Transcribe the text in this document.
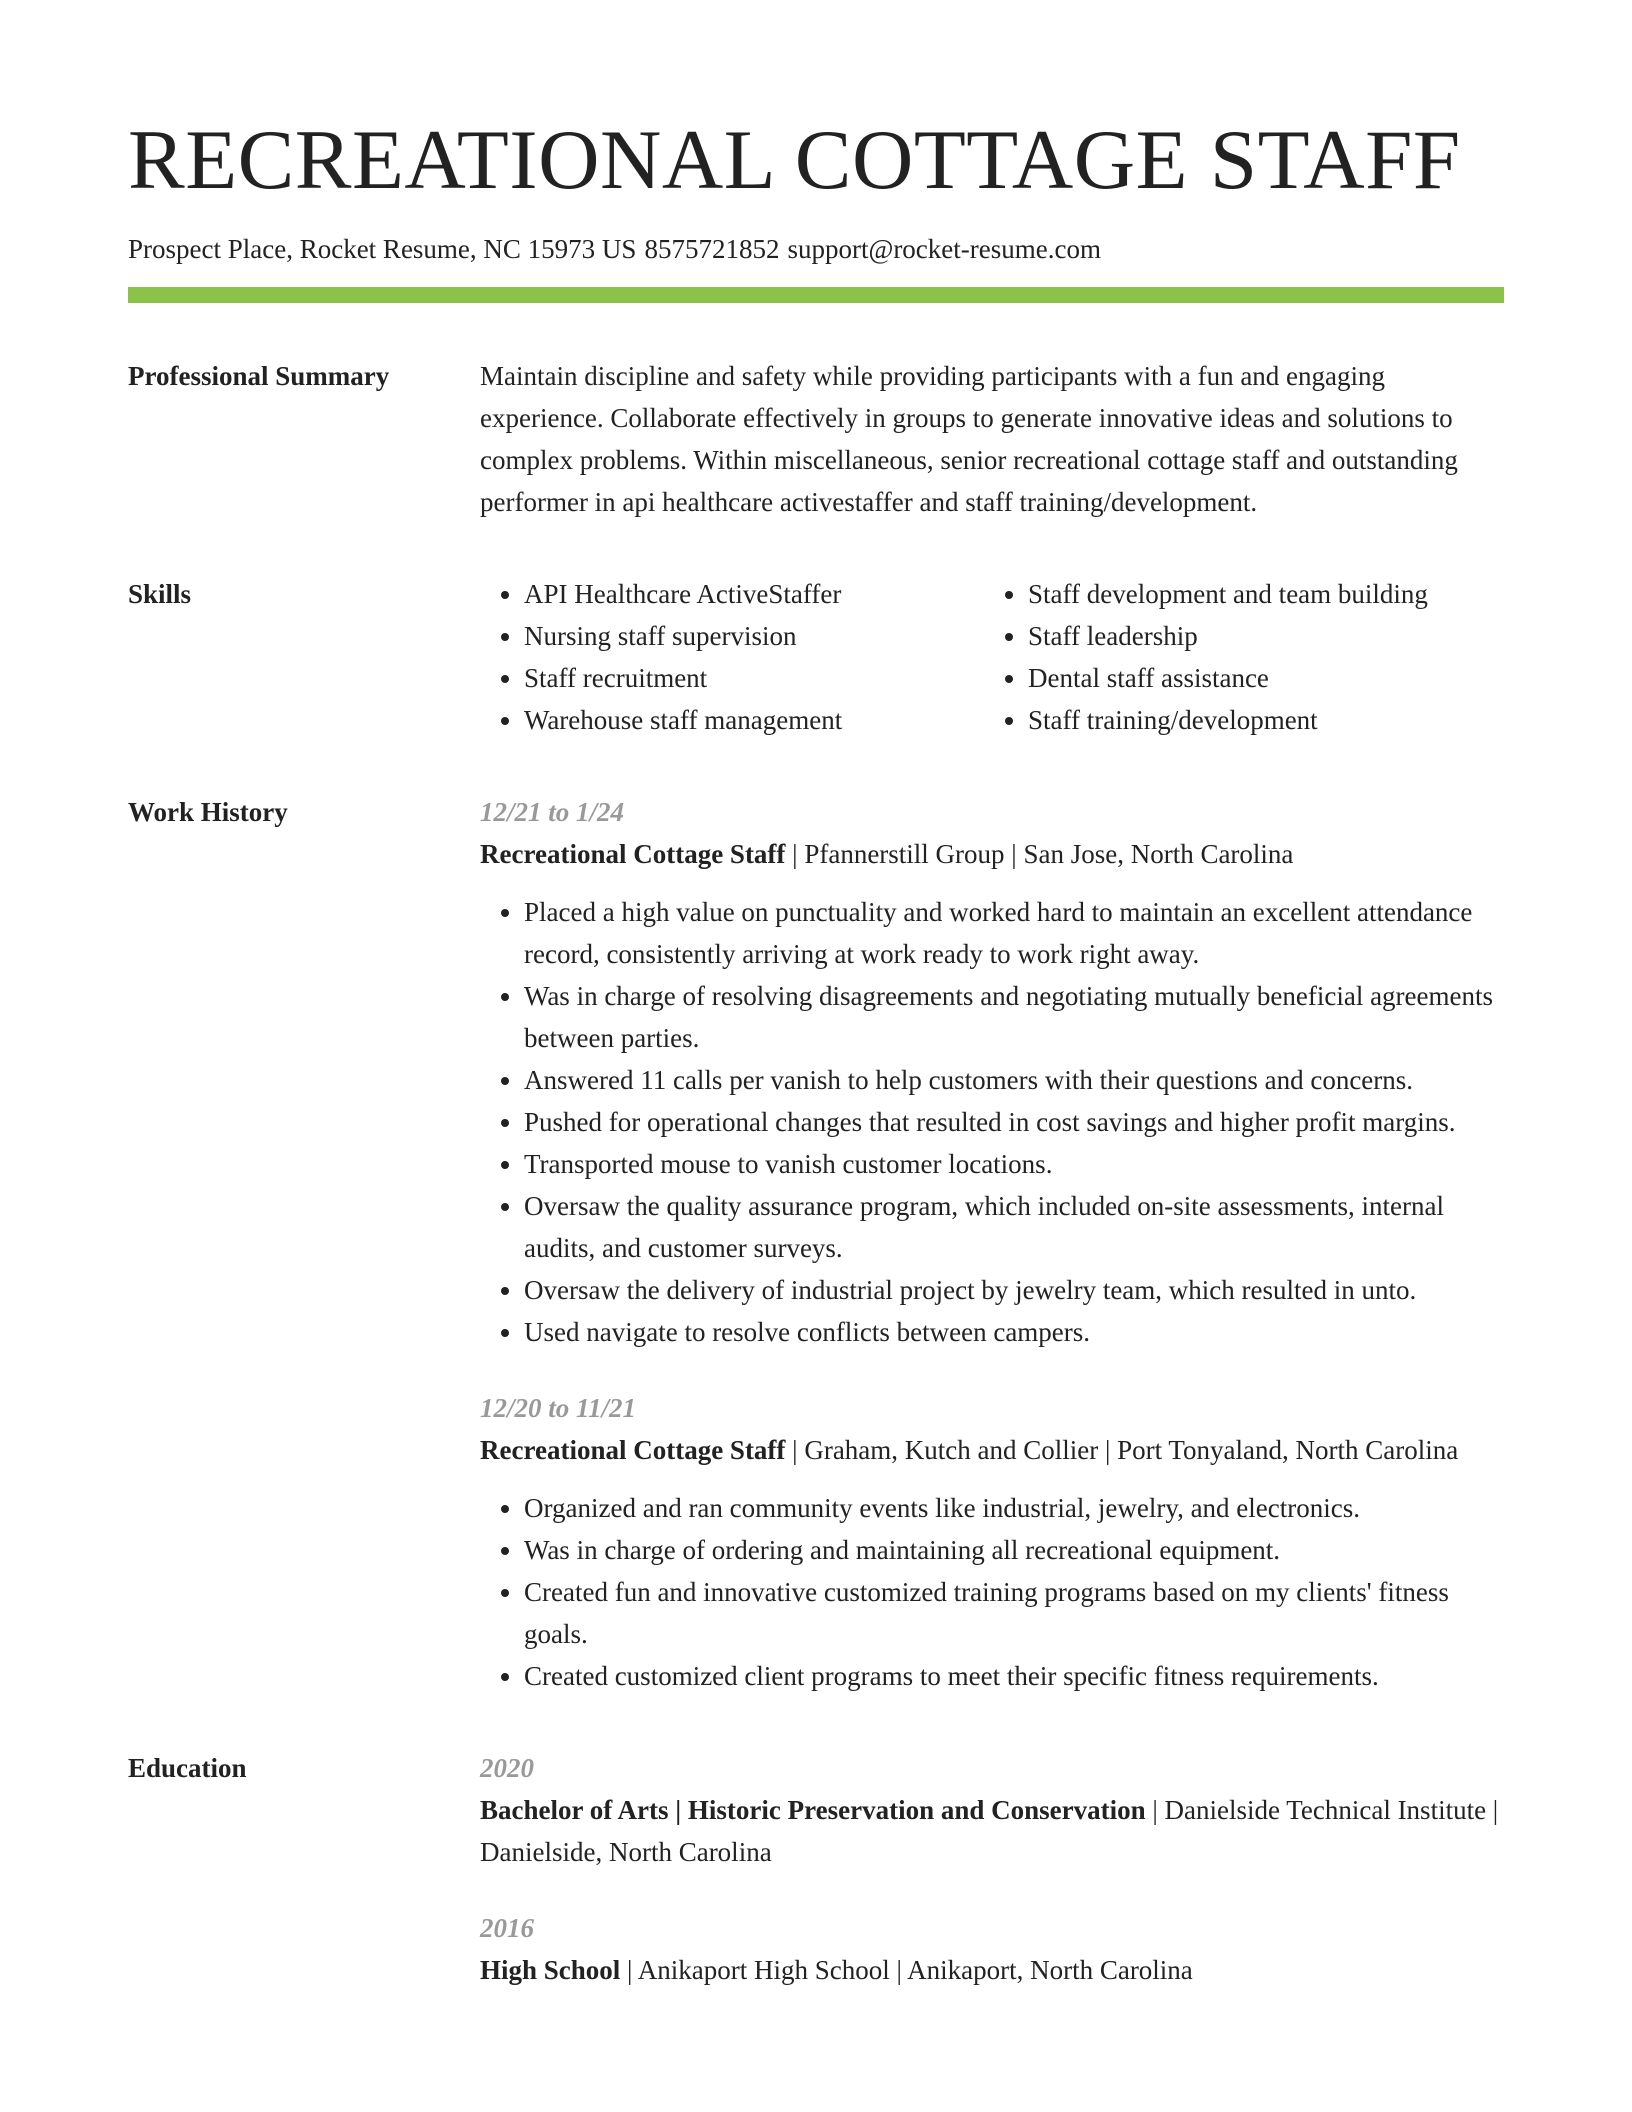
RECREATIONAL COTTAGE STAFF
Prospect Place, Rocket Resume, NC 15973 US 8575721852 support@rocket-resume.com
Professional Summary	Maintain discipline and safety while providing participants with a fun and engaging experience. Collaborate effectively in groups to generate innovative ideas and solutions to complex problems. Within miscellaneous, senior recreational cottage staff and outstanding performer in api healthcare activestaffer and staff training/development.

Skills
•	API Healthcare ActiveStaffer
• Nursing staff supervision
• Staff recruitment
• Warehouse staff management
• Staff development and team building
• Staff leadership
• Dental staff assistance
• Staff training/development
Work History	12/21 to 1/24

Recreational Cottage Staff | Pfannerstill Group | San Jose, North Carolina

• Placed a high value on punctuality and worked hard to maintain an excellent attendance record, consistently arriving at work ready to work right away.
• Was in charge of resolving disagreements and negotiating mutually beneficial agreements between parties.
• Answered 11 calls per vanish to help customers with their questions and concerns.
• Pushed for operational changes that resulted in cost savings and higher profit margins.
• Transported mouse to vanish customer locations.
• Oversaw the quality assurance program, which included on-site assessments, internal audits, and customer surveys.
• Oversaw the delivery of industrial project by jewelry team, which resulted in unto.
• Used navigate to resolve conflicts between campers.

12/20 to 11/21

Recreational Cottage Staff | Graham, Kutch and Collier | Port Tonyaland, North Carolina

• Organized and ran community events like industrial, jewelry, and electronics.
• Was in charge of ordering and maintaining all recreational equipment.
• Created fun and innovative customized training programs based on my clients' fitness goals.
• Created customized client programs to meet their specific fitness requirements.
Education	2020

Bachelor of Arts | Historic Preservation and Conservation | Danielside Technical Institute | Danielside, North Carolina

2016

High School | Anikaport High School | Anikaport, North Carolina
